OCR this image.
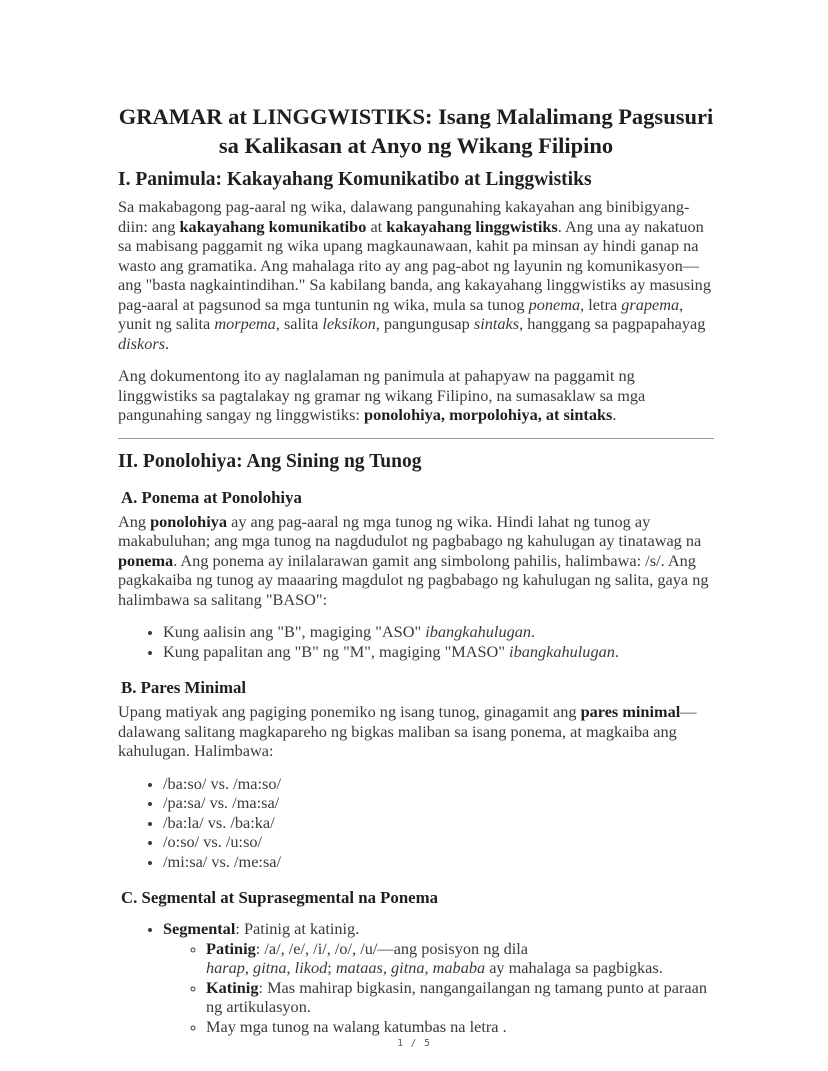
GRAMAR at LINGGWISTIKS: Isang Malalimang Pagsusuri sa Kalikasan at Anyo ng Wikang Filipino
I. Panimula: Kakayahang Komunikatibo at Linggwistiks

Sa makabagong pag-aaral ng wika, dalawang pangunahing kakayahan ang binibigyang-diin: ang kakayahang komunikatibo at kakayahang linggwistiks. Ang una ay nakatuon sa mabisang paggamit ng wika upang magkaunawaan, kahit pa minsan ay hindi ganap na wasto ang gramatika. Ang mahalaga rito ay ang pag-abot ng layunin ng komunikasyon—ang "basta nagkaintindihan." Sa kabilang banda, ang kakayahang linggwistiks ay masusing pag-aaral at pagsunod sa mga tuntunin ng wika, mula sa tunog ponema, letra grapema, yunit ng salita morpema, salita leksikon, pangungusap sintaks, hanggang sa pagpapahayag diskors.

Ang dokumentong ito ay naglalaman ng panimula at pahapyaw na paggamit ng linggwistiks sa pagtalakay ng gramar ng wikang Filipino, na sumasaklaw sa mga pangunahing sangay ng linggwistiks: ponolohiya, morpolohiya, at sintaks.

II. Ponolohiya: Ang Sining ng Tunog
A. Ponema at Ponolohiya

Ang ponolohiya ay ang pag-aaral ng mga tunog ng wika. Hindi lahat ng tunog ay makabuluhan; ang mga tunog na nagdudulot ng pagbabago ng kahulugan ay tinatawag na ponema. Ang ponema ay inilalarawan gamit ang simbolong pahilis, halimbawa: /s/. Ang pagkakaiba ng tunog ay maaaring magdulot ng pagbabago ng kahulugan ng salita, gaya ng halimbawa sa salitang "BASO":

• Kung aalisin ang "B", magiging "ASO" ibangkahulugan.
• Kung papalitan ang "B" ng "M", magiging "MASO" ibangkahulugan.
B. Pares Minimal

Upang matiyak ang pagiging ponemiko ng isang tunog, ginagamit ang pares minimal—dalawang salitang magkapareho ng bigkas maliban sa isang ponema, at magkaiba ang kahulugan. Halimbawa:

• /ba:so/ vs. /ma:so/
• /pa:sa/ vs. /ma:sa/
• /ba:la/ vs. /ba:ka/
• /o:so/ vs. /u:so/
• /mi:sa/ vs. /me:sa/
C. Segmental at Suprasegmental na Ponema
• Segmental: Patinig at katinig.
◦ Patinig: /a/, /e/, /i/, /o/, /u/—ang posisyon ng dila
harap, gitna, likod; mataas, gitna, mababa ay mahalaga sa pagbigkas.
◦ Katinig: Mas mahirap bigkasin, nangangailangan ng tamang punto at paraan ng artikulasyon.
◦ May mga tunog na walang katumbas na letra .
1 / 5
